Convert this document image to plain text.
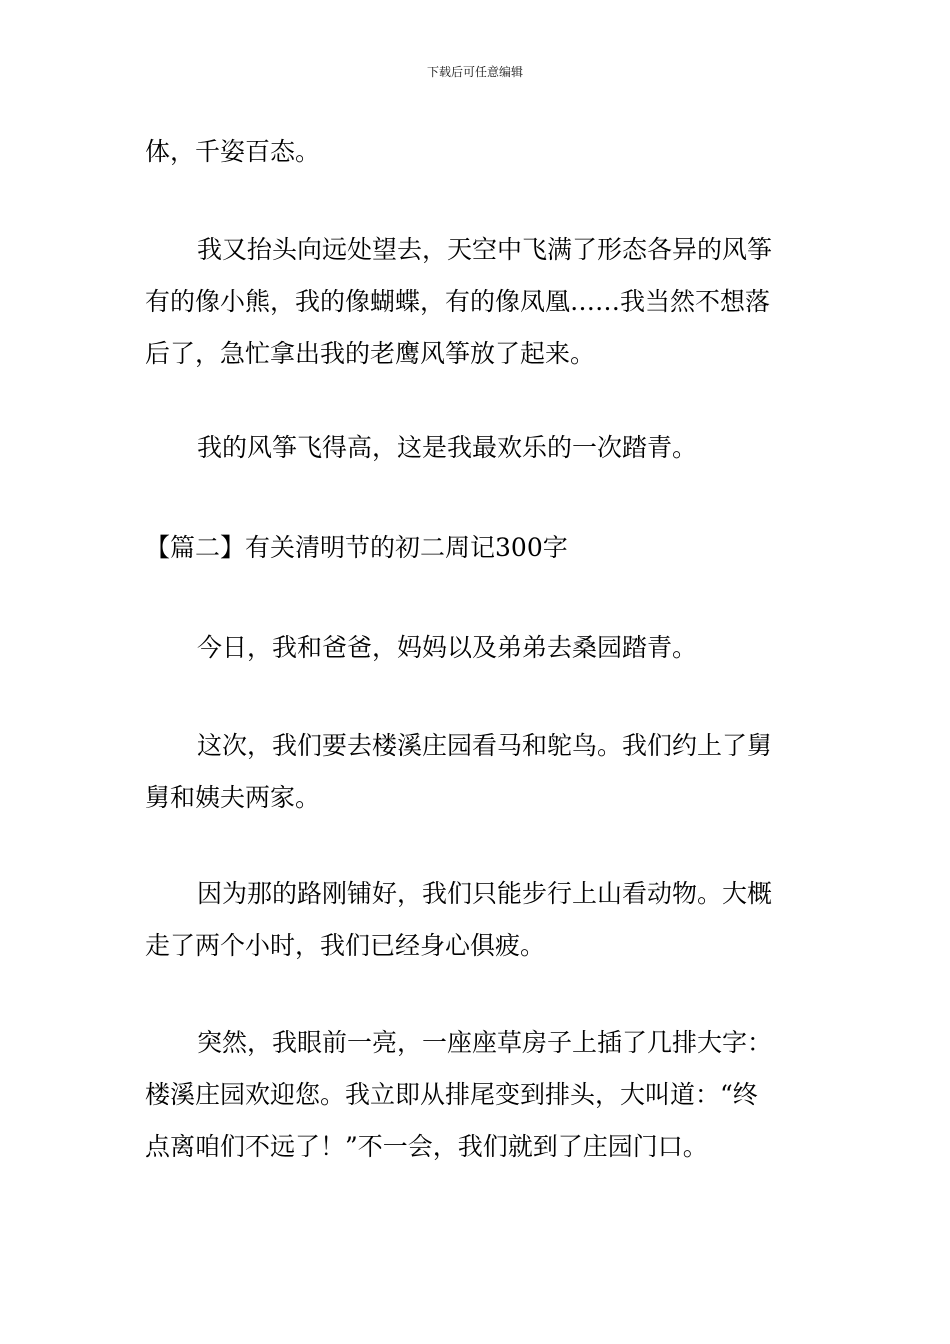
下载后可任意编辑
体，千姿百态。
我又抬头向远处望去，天空中飞满了形态各异的风筝
有的像小熊，我的像蝴蝶，有的像凤凰……我当然不想落
后了，急忙拿出我的老鹰风筝放了起来。
我的风筝飞得高，这是我最欢乐的一次踏青。
【篇二】有关清明节的初二周记300字
今日，我和爸爸，妈妈以及弟弟去桑园踏青。
这次，我们要去楼溪庄园看马和鸵鸟。我们约上了舅
舅和姨夫两家。
因为那的路刚铺好，我们只能步行上山看动物。大概
走了两个小时，我们已经身心俱疲。
突然，我眼前一亮，一座座草房子上插了几排大字：
楼溪庄园欢迎您。我立即从排尾变到排头，大叫道：“终
点离咱们不远了！”不一会，我们就到了庄园门口。
